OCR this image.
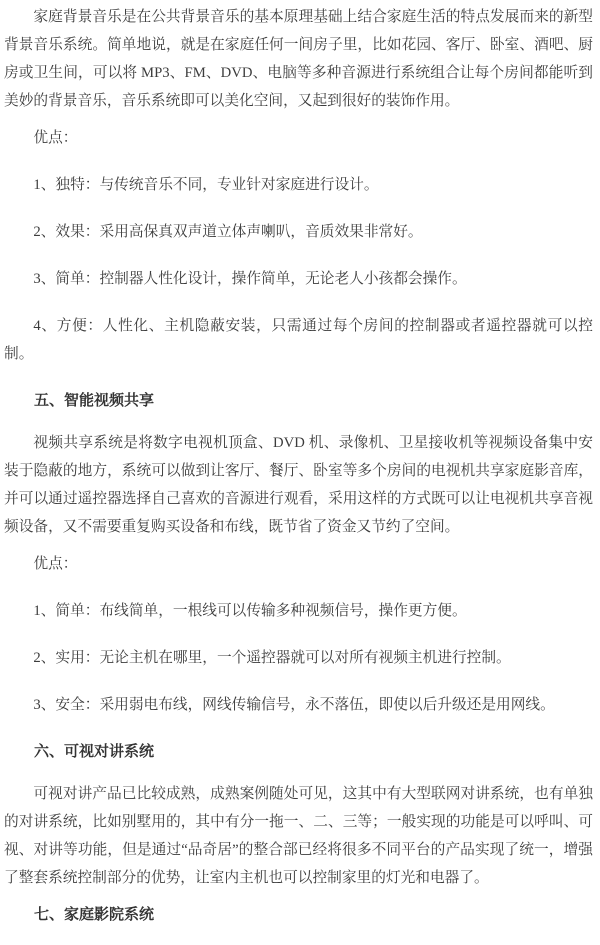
家庭背景音乐是在公共背景音乐的基本原理基础上结合家庭生活的特点发展而来的新型背景音乐系统。简单地说，就是在家庭任何一间房子里，比如花园、客厅、卧室、酒吧、厨房或卫生间，可以将 MP3、FM、DVD、电脑等多种音源进行系统组合让每个房间都能听到美妙的背景音乐，音乐系统即可以美化空间，又起到很好的装饰作用。

优点：

1、独特：与传统音乐不同，专业针对家庭进行设计。

2、效果：采用高保真双声道立体声喇叭，音质效果非常好。

3、简单：控制器人性化设计，操作简单，无论老人小孩都会操作。

4、方便：人性化、主机隐蔽安装，只需通过每个房间的控制器或者遥控器就可以控制。

五、智能视频共享

视频共享系统是将数字电视机顶盒、DVD 机、录像机、卫星接收机等视频设备集中安装于隐蔽的地方，系统可以做到让客厅、餐厅、卧室等多个房间的电视机共享家庭影音库，并可以通过遥控器选择自己喜欢的音源进行观看，采用这样的方式既可以让电视机共享音视频设备，又不需要重复购买设备和布线，既节省了资金又节约了空间。

优点：

1、简单：布线简单，一根线可以传输多种视频信号，操作更方便。

2、实用：无论主机在哪里，一个遥控器就可以对所有视频主机进行控制。

3、安全：采用弱电布线，网线传输信号，永不落伍，即使以后升级还是用网线。

六、可视对讲系统

可视对讲产品已比较成熟，成熟案例随处可见，这其中有大型联网对讲系统，也有单独的对讲系统，比如别墅用的，其中有分一拖一、二、三等；一般实现的功能是可以呼叫、可视、对讲等功能，但是通过“品奇居”的整合部已经将很多不同平台的产品实现了统一，增强了整套系统控制部分的优势，让室内主机也可以控制家里的灯光和电器了。

七、家庭影院系统
